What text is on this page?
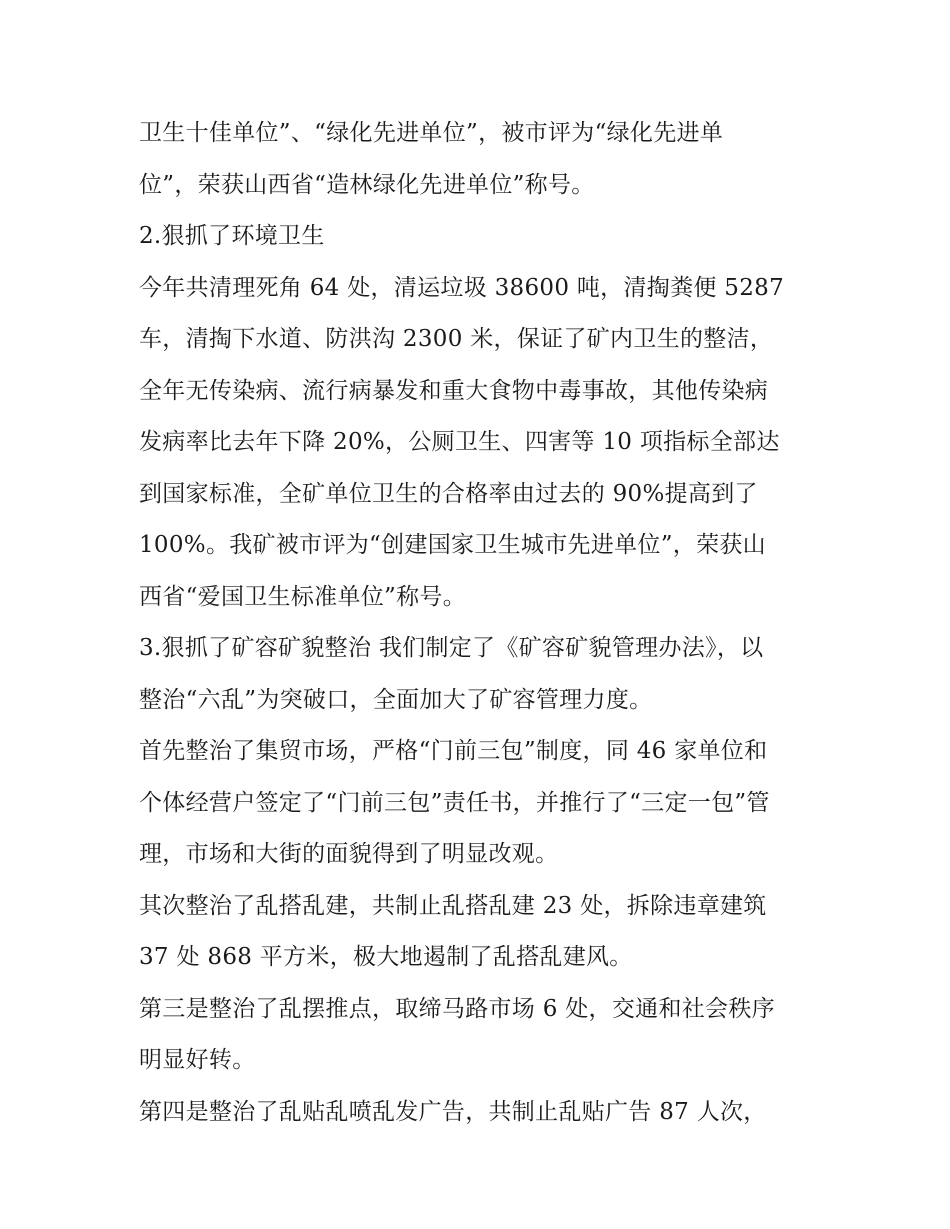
卫生十佳单位”、“绿化先进单位”，被市评为“绿化先进单
位”，荣获山西省“造林绿化先进单位”称号。
2.狠抓了环境卫生
今年共清理死角 64 处，清运垃圾 38600 吨，清掏粪便 5287
车，清掏下水道、防洪沟 2300 米，保证了矿内卫生的整洁，
全年无传染病、流行病暴发和重大食物中毒事故，其他传染病
发病率比去年下降 20%，公厕卫生、四害等 10 项指标全部达
到国家标准，全矿单位卫生的合格率由过去的 90%提高到了
100%。我矿被市评为“创建国家卫生城市先进单位”，荣获山
西省“爱国卫生标准单位”称号。
3.狠抓了矿容矿貌整治 我们制定了《矿容矿貌管理办法》，以
整治“六乱”为突破口，全面加大了矿容管理力度。
首先整治了集贸市场，严格“门前三包”制度，同 46 家单位和
个体经营户签定了“门前三包”责任书，并推行了“三定一包”管
理，市场和大街的面貌得到了明显改观。
其次整治了乱搭乱建，共制止乱搭乱建 23 处，拆除违章建筑
37 处 868 平方米，极大地遏制了乱搭乱建风。
第三是整治了乱摆推点，取缔马路市场 6 处，交通和社会秩序
明显好转。
第四是整治了乱贴乱喷乱发广告，共制止乱贴广告 87 人次，
